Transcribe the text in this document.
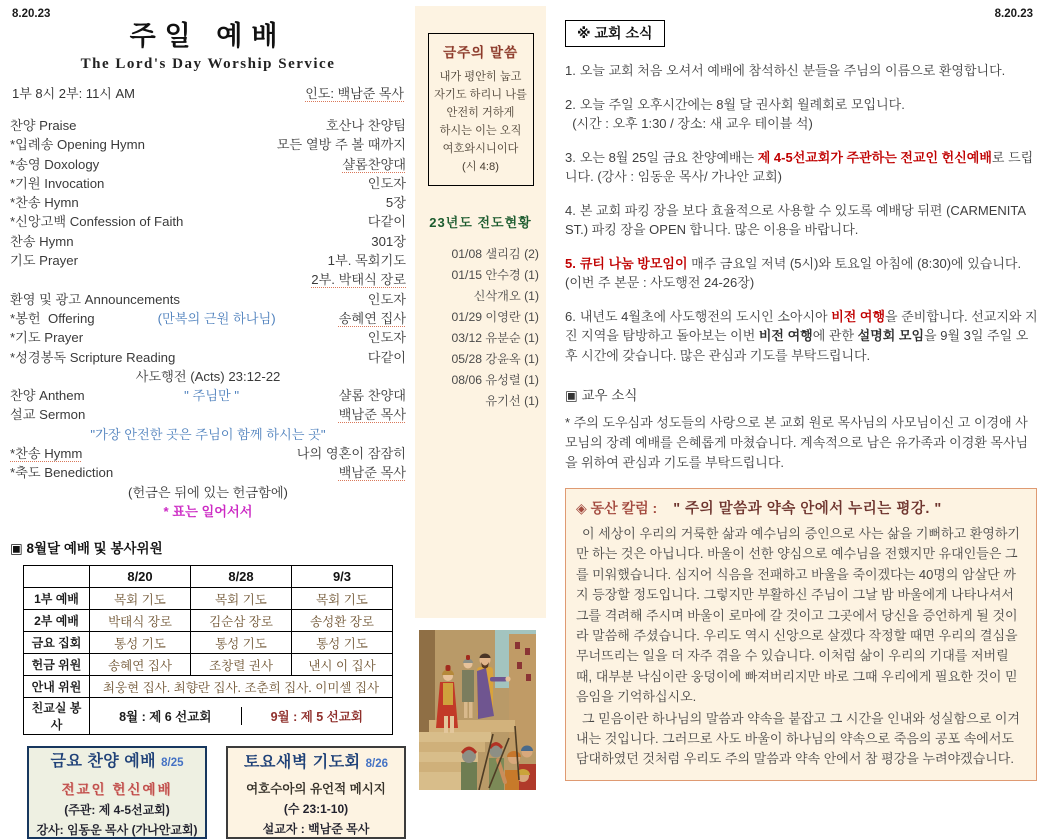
8.20.23	8.20.23
주일 예배
The Lord's Day Worship Service
1부 8시 2부: 11시 AM	인도: 백남준 목사
찬양 Praise	호산나 찬양팀
*입례송 Opening Hymn	모든 열방 주 볼 때까지
*송영 Doxology	샬롬찬양대
*기원 Invocation	인도자
*찬송 Hymn	5장
*신앙고백 Confession of Faith	다같이
찬송 Hymn	301장
기도 Prayer	1부. 목회기도
2부. 박태식 장로
환영 및 광고 Announcements	인도자
*봉헌  Offering	(만복의 근원 하나님)	송혜연 집사
*기도 Prayer	인도자
*성경봉독 Scripture Reading	다같이
사도행전 (Acts) 23:12-22
찬양 Anthem	" 주님만 "	샬롬 찬양대
설교 Sermon	백남준 목사
"가장 안전한 곳은 주님이 함께 하시는 곳"
*찬송 Hymm	나의 영혼이 잠잠히
*축도 Benediction	백남준 목사
(헌금은 뒤에 있는 헌금함에)
* 표는 일어서서
▣ 8월달 예배 및 봉사위원
	8/20	8/28	9/3
1부 예배	목회 기도	목회 기도	목회 기도
2부 예배	박태식 장로	김순삼 장로	송성환 장로
금요 집회	통성 기도	통성 기도	통성 기도
헌금 위원	송혜연 집사	조창렬 권사	낸시 이 집사
안내 위원	최웅현 집사. 최향란 집사. 조춘희 집사. 이미셀 집사		
친교실 봉사	8월 : 제 6 선교회 9월 : 제 5 선교회		
금요 찬양 예배 8/25
전교인 헌신예배
(주관: 제 4-5선교회)
강사: 임동운 목사 (가나안교회)
토요새벽 기도회 8/26
여호수아의 유언적 메시지
(수 23:1-10)
설교자 : 백남준 목사
금주의 말씀
내가 평안히 눕고
자기도 하리니 나를
안전히 거하게
하시는 이는 오직
여호와시니이다
(시 4:8)
23년도 전도현황
01/08 샐리김 (2)
01/15 안수경 (1)
신삭개오 (1)
01/29 이영란 (1)
03/12 유분순 (1)
05/28 강윤옥 (1)
08/06 유성렬 (1)
유기선 (1)
※ 교회 소식
1. 오늘 교회 처음 오셔서 예배에 참석하신 분들을 주님의 이름으로 환영합니다.
2. 오늘 주일 오후시간에는 8월 달 권사회 월례회로 모입니다.
(시간 : 오후 1:30 / 장소: 새 교우 테이블 석)
3. 오는 8월 25일 금요 찬양예배는 제 4-5선교회가 주관하는 전교인 헌신예배로 드립니다. (강사 : 임동운 목사/ 가나안 교회)
4. 본 교회 파킹 장을 보다 효율적으로 사용할 수 있도록 예배당 뒤편 (CARMENITA ST.) 파킹 장을 OPEN 합니다. 많은 이용을 바랍니다.
5. 큐티 나눔 방모임이 매주 금요일 저녁 (5시)와 토요일 아침에 (8:30)에 있습니다. (이번 주 본문 : 사도행전 24-26장)
6. 내년도 4월초에 사도행전의 도시인 소아시아 비전 여행을 준비합니다. 선교지와 지진 지역을 탐방하고 돌아보는 이번 비전 여행에 관한 설명회 모임을 9월 3일 주일 오후 시간에 갖습니다. 많은 관심과 기도를 부탁드립니다.
▣ 교우 소식
* 주의 도우심과 성도들의 사랑으로 본 교회 원로 목사님의 사모님이신 고 이경애 사모님의 장례 예배를 은혜롭게 마쳤습니다. 계속적으로 남은 유가족과 이경환 목사님을 위하여 관심과 기도를 부탁드립니다.
◈ 동산 칼럼 : " 주의 말씀과 약속 안에서 누리는 평강. "
이 세상이 우리의 거룩한 삶과 예수님의 증인으로 사는 삶을 기뻐하고 환영하기만 하는 것은 아닙니다. 바울이 선한 양심으로 예수님을 전했지만 유대인들은 그를 미워했습니다. 심지어 식음을 전패하고 바울을 죽이겠다는 40명의 암살단 까지 등장할 정도입니다. 그렇지만 부활하신 주님이 그날 밤 바울에게 나타나셔서 그를 격려해 주시며 바울이 로마에 갈 것이고 그곳에서 당신을 증언하게 될 것이라 말씀해 주셨습니다. 우리도 역시 신앙으로 살겠다 작정할 때면 우리의 결심을 무너뜨리는 일을 더 자주 겪을 수 있습니다. 이처럼 삶이 우리의 기대를 저버릴 때, 대부분 낙심이란 웅덩이에 빠져버리지만 바로 그때 우리에게 필요한 것이 믿음임을 기억하십시오.
그 믿음이란 하나님의 말씀과 약속을 붙잡고 그 시간을 인내와 성실함으로 이겨내는 것입니다. 그러므로 사도 바울이 하나님의 약속으로 죽음의 공포 속에서도 담대하였던 것처럼 우리도 주의 말씀과 약속 안에서 참 평강을 누려야겠습니다.
